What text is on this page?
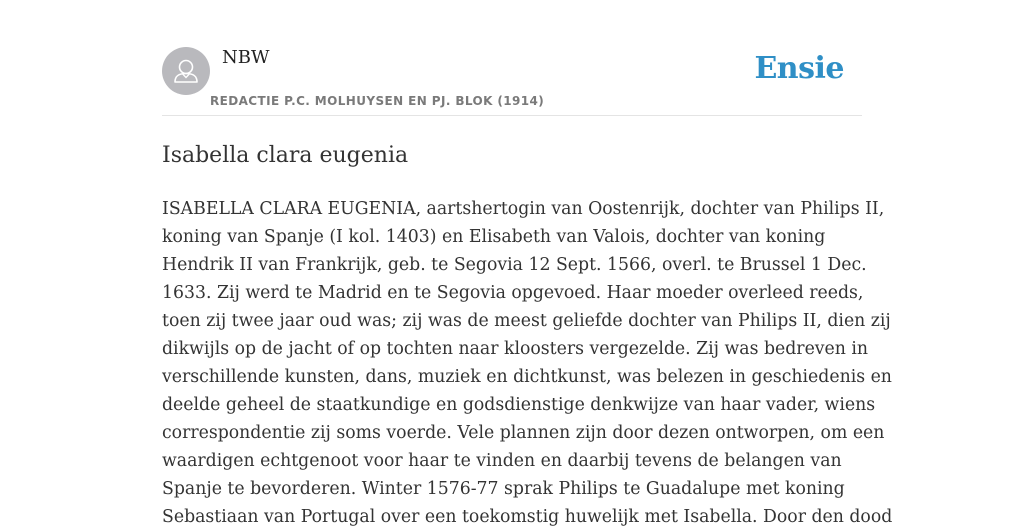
NBW
REDACTIE P.C. MOLHUYSEN EN PJ. BLOK (1914)
Ensie
Isabella clara eugenia
ISABELLA CLARA EUGENIA, aartshertogin van Oostenrijk, dochter van Philips II,
koning van Spanje (I kol. 1403) en Elisabeth van Valois, dochter van koning
Hendrik II van Frankrijk, geb. te Segovia 12 Sept. 1566, overl. te Brussel 1 Dec.
1633. Zij werd te Madrid en te Segovia opgevoed. Haar moeder overleed reeds,
toen zij twee jaar oud was; zij was de meest geliefde dochter van Philips II, dien zij
dikwijls op de jacht of op tochten naar kloosters vergezelde. Zij was bedreven in
verschillende kunsten, dans, muziek en dichtkunst, was belezen in geschiedenis en
deelde geheel de staatkundige en godsdienstige denkwijze van haar vader, wiens
correspondentie zij soms voerde. Vele plannen zijn door dezen ontworpen, om een
waardigen echtgenoot voor haar te vinden en daarbij tevens de belangen van
Spanje te bevorderen. Winter 1576-77 sprak Philips te Guadalupe met koning
Sebastiaan van Portugal over een toekomstig huwelijk met Isabella. Door den dood
